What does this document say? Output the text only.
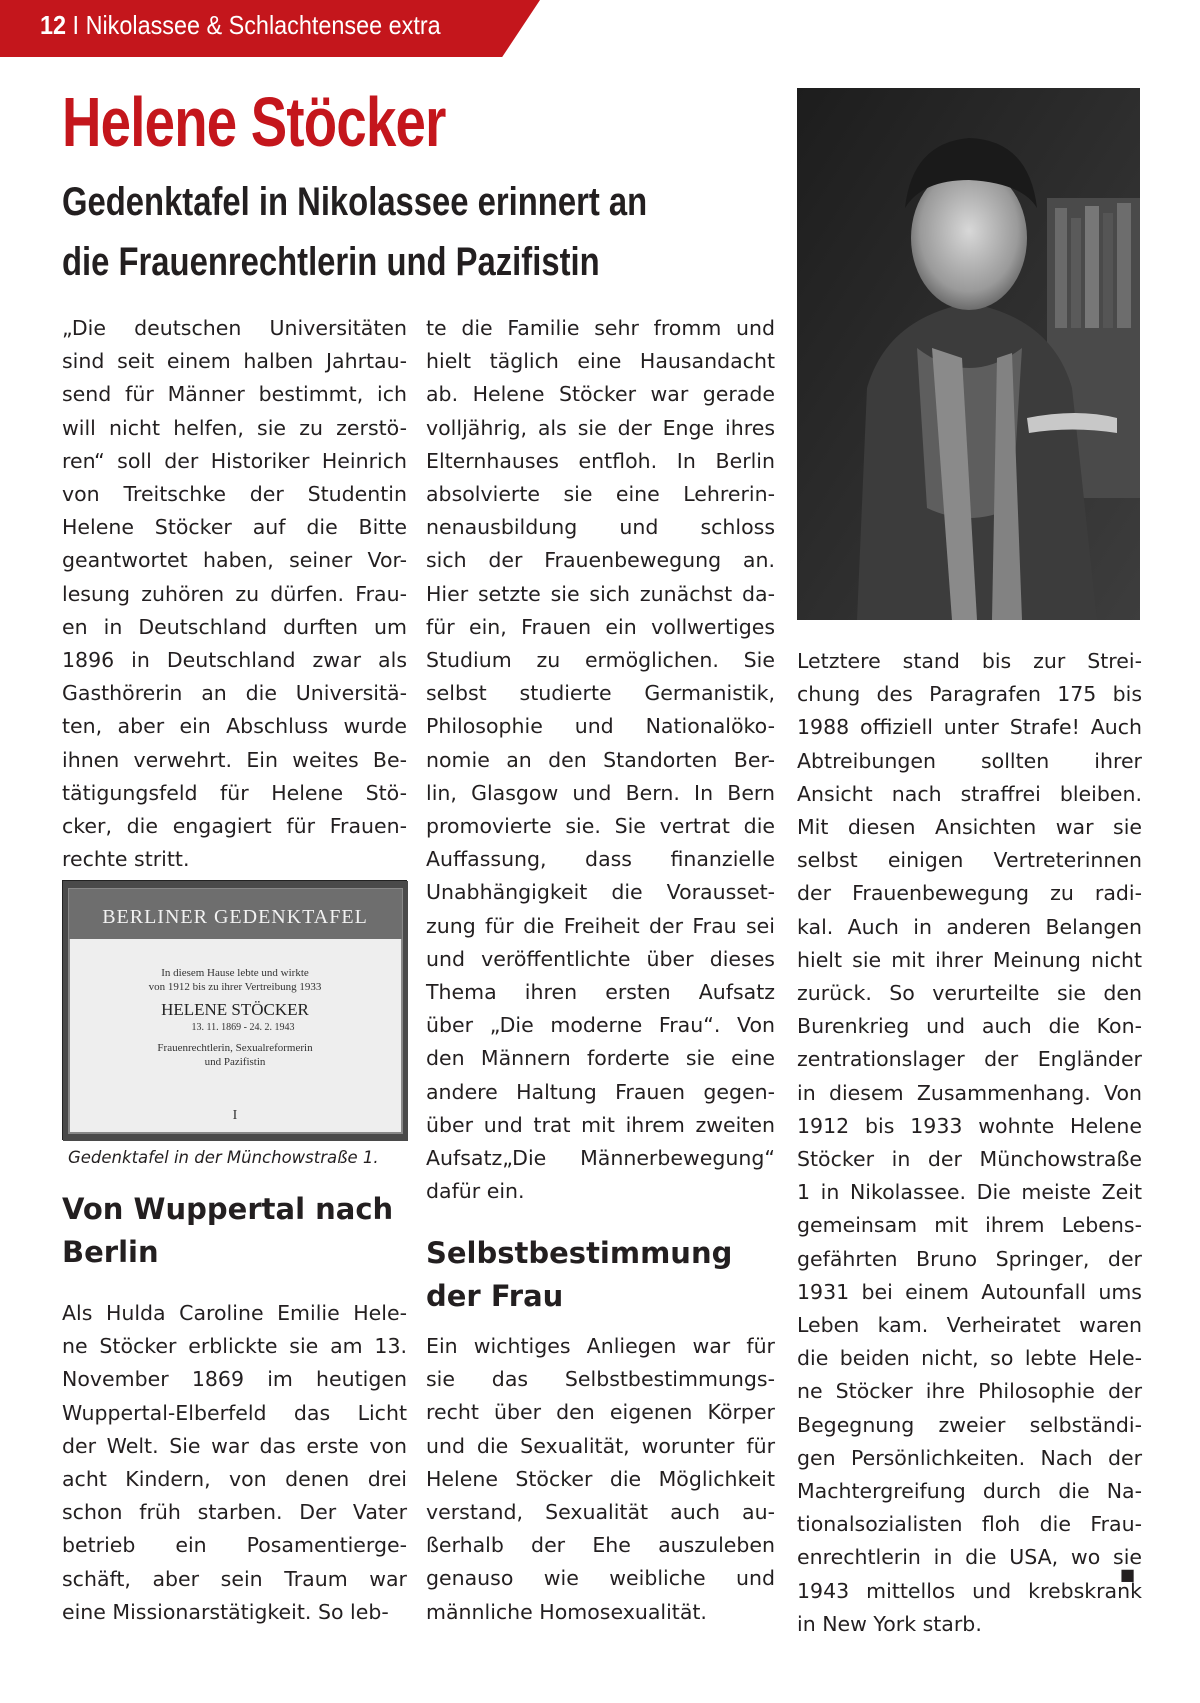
12 I Nikolassee & Schlachtensee extra
Helene Stöcker
Gedenktafel in Nikolassee erinnert an
die Frauenrechtlerin und Pazifistin
„Die deutschen Universitäten
sind seit einem halben Jahrtau-
send für Männer bestimmt, ich
will nicht helfen, sie zu zerstö-
ren“ soll der Historiker Heinrich
von Treitschke der Studentin
Helene Stöcker auf die Bitte
geantwortet haben, seiner Vor-
lesung zuhören zu dürfen. Frau-
en in Deutschland durften um
1896 in Deutschland zwar als
Gasthörerin an die Universitä-
ten, aber ein Abschluss wurde
ihnen verwehrt. Ein weites Be-
tätigungsfeld für Helene Stö-
cker, die engagiert für Frauen-
rechte stritt.
BERLINER GEDENKTAFEL
In diesem Hause lebte und wirkte
von 1912 bis zu ihrer Vertreibung 1933
HELENE STÖCKER
13. 11. 1869 - 24. 2. 1943
Frauenrechtlerin, Sexualreformerin
und Pazifistin
I
Gedenktafel in der Münchowstraße 1.
Von Wuppertal nach
Berlin
Als Hulda Caroline Emilie Hele-
ne Stöcker erblickte sie am 13.
November 1869 im heutigen
Wuppertal-Elberfeld das Licht
der Welt. Sie war das erste von
acht Kindern, von denen drei
schon früh starben. Der Vater
betrieb ein Posamentierge-
schäft, aber sein Traum war
eine Missionarstätigkeit. So leb-
te die Familie sehr fromm und
hielt täglich eine Hausandacht
ab. Helene Stöcker war gerade
volljährig, als sie der Enge ihres
Elternhauses entfloh. In Berlin
absolvierte sie eine Lehrerin-
nenausbildung und schloss
sich der Frauenbewegung an.
Hier setzte sie sich zunächst da-
für ein, Frauen ein vollwertiges
Studium zu ermöglichen. Sie
selbst studierte Germanistik,
Philosophie und Nationalöko-
nomie an den Standorten Ber-
lin, Glasgow und Bern. In Bern
promovierte sie. Sie vertrat die
Auffassung, dass finanzielle
Unabhängigkeit die Vorausset-
zung für die Freiheit der Frau sei
und veröffentlichte über dieses
Thema ihren ersten Aufsatz
über „Die moderne Frau“. Von
den Männern forderte sie eine
andere Haltung Frauen gegen-
über und trat mit ihrem zweiten
Aufsatz„Die Männerbewegung“
dafür ein.
Selbstbestimmung
der Frau
Ein wichtiges Anliegen war für
sie das Selbstbestimmungs-
recht über den eigenen Körper
und die Sexualität, worunter für
Helene Stöcker die Möglichkeit
verstand, Sexualität auch au-
ßerhalb der Ehe auszuleben
genauso wie weibliche und
männliche Homosexualität.
Letztere stand bis zur Strei-
chung des Paragrafen 175 bis
1988 offiziell unter Strafe! Auch
Abtreibungen sollten ihrer
Ansicht nach straffrei bleiben.
Mit diesen Ansichten war sie
selbst einigen Vertreterinnen
der Frauenbewegung zu radi-
kal. Auch in anderen Belangen
hielt sie mit ihrer Meinung nicht
zurück. So verurteilte sie den
Burenkrieg und auch die Kon-
zentrationslager der Engländer
in diesem Zusammenhang. Von
1912 bis 1933 wohnte Helene
Stöcker in der Münchowstraße
1 in Nikolassee. Die meiste Zeit
gemeinsam mit ihrem Lebens-
gefährten Bruno Springer, der
1931 bei einem Autounfall ums
Leben kam. Verheiratet waren
die beiden nicht, so lebte Hele-
ne Stöcker ihre Philosophie der
Begegnung zweier selbständi-
gen Persönlichkeiten. Nach der
Machtergreifung durch die Na-
tionalsozialisten floh die Frau-
enrechtlerin in die USA, wo sie
1943 mittellos und krebskrank
in New York starb.
■
